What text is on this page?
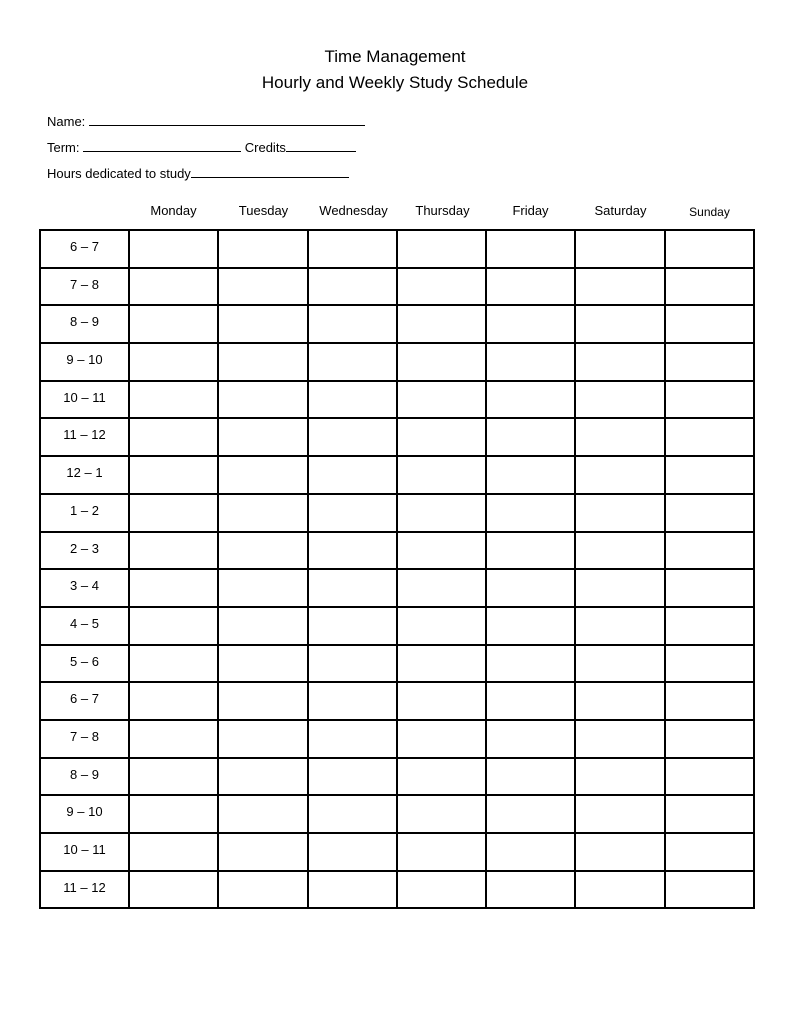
Time Management
Hourly and Weekly Study Schedule
Name:
Term:	Credits
Hours dedicated to study
Monday	Tuesday	Wednesday	Thursday	Friday	Saturday	Sunday
6 – 7							
7 – 8							
8 – 9							
9 – 10							
10 – 11							
11 – 12							
12 – 1							
1 – 2							
2 – 3							
3 – 4							
4 – 5							
5 – 6							
6 – 7							
7 – 8							
8 – 9							
9 – 10							
10 – 11							
11 – 12							
